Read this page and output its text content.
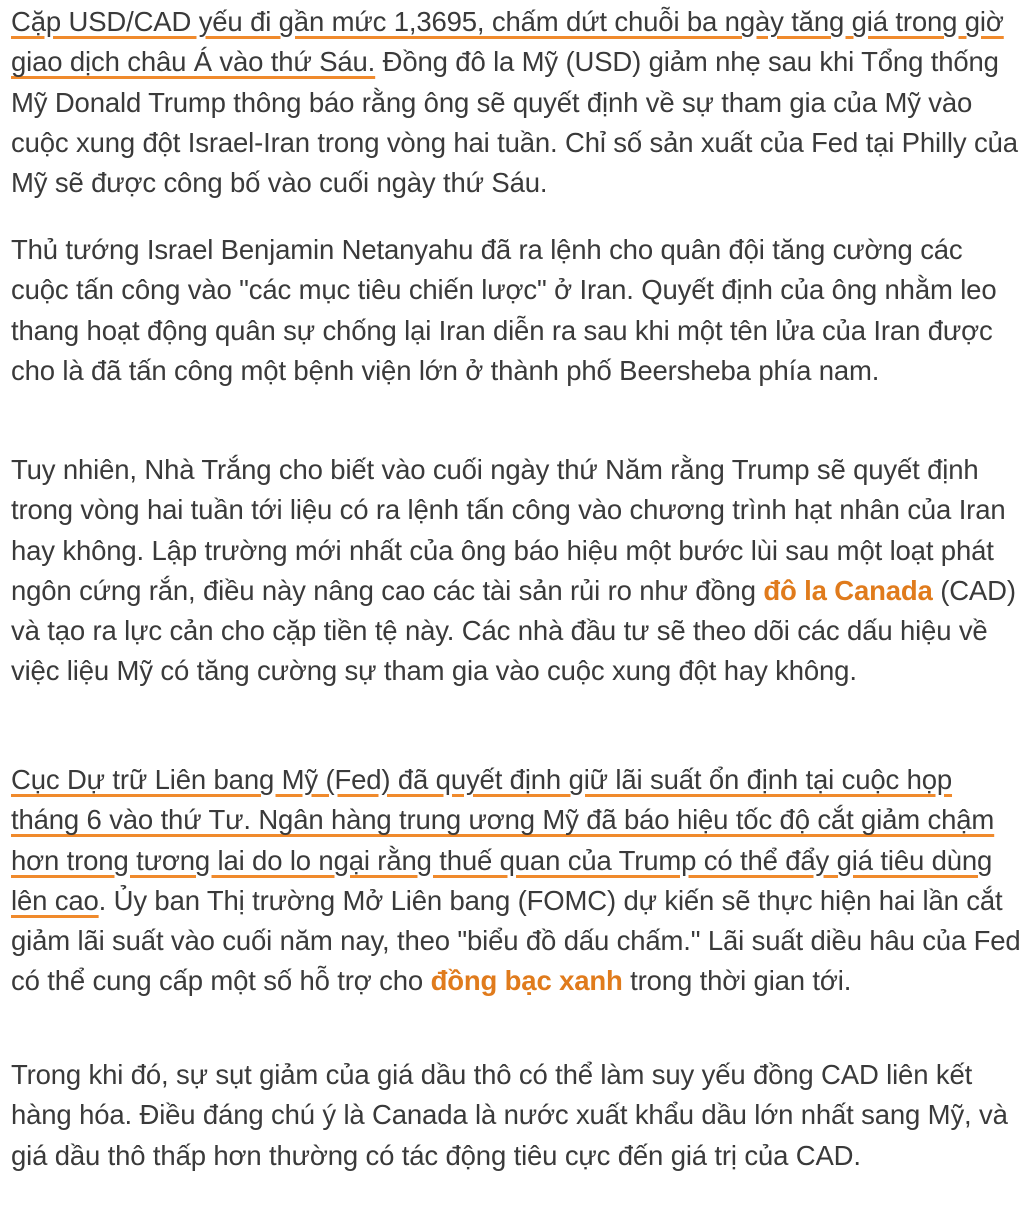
Cặp USD/CAD yếu đi gần mức 1,3695, chấm dứt chuỗi ba ngày tăng giá trong giờ giao dịch châu Á vào thứ Sáu. Đồng đô la Mỹ (USD) giảm nhẹ sau khi Tổng thống Mỹ Donald Trump thông báo rằng ông sẽ quyết định về sự tham gia của Mỹ vào cuộc xung đột Israel-Iran trong vòng hai tuần. Chỉ số sản xuất của Fed tại Philly của Mỹ sẽ được công bố vào cuối ngày thứ Sáu.

Thủ tướng Israel Benjamin Netanyahu đã ra lệnh cho quân đội tăng cường các cuộc tấn công vào "các mục tiêu chiến lược" ở Iran. Quyết định của ông nhằm leo thang hoạt động quân sự chống lại Iran diễn ra sau khi một tên lửa của Iran được cho là đã tấn công một bệnh viện lớn ở thành phố Beersheba phía nam.

Tuy nhiên, Nhà Trắng cho biết vào cuối ngày thứ Năm rằng Trump sẽ quyết định trong vòng hai tuần tới liệu có ra lệnh tấn công vào chương trình hạt nhân của Iran hay không. Lập trường mới nhất của ông báo hiệu một bước lùi sau một loạt phát ngôn cứng rắn, điều này nâng cao các tài sản rủi ro như đồng đô la Canada (CAD) và tạo ra lực cản cho cặp tiền tệ này. Các nhà đầu tư sẽ theo dõi các dấu hiệu về việc liệu Mỹ có tăng cường sự tham gia vào cuộc xung đột hay không.

Cục Dự trữ Liên bang Mỹ (Fed) đã quyết định giữ lãi suất ổn định tại cuộc họp tháng 6 vào thứ Tư. Ngân hàng trung ương Mỹ đã báo hiệu tốc độ cắt giảm chậm hơn trong tương lai do lo ngại rằng thuế quan của Trump có thể đẩy giá tiêu dùng lên cao. Ủy ban Thị trường Mở Liên bang (FOMC) dự kiến sẽ thực hiện hai lần cắt giảm lãi suất vào cuối năm nay, theo "biểu đồ dấu chấm." Lãi suất diều hâu của Fed có thể cung cấp một số hỗ trợ cho đồng bạc xanh trong thời gian tới.

Trong khi đó, sự sụt giảm của giá dầu thô có thể làm suy yếu đồng CAD liên kết hàng hóa. Điều đáng chú ý là Canada là nước xuất khẩu dầu lớn nhất sang Mỹ, và giá dầu thô thấp hơn thường có tác động tiêu cực đến giá trị của CAD.
